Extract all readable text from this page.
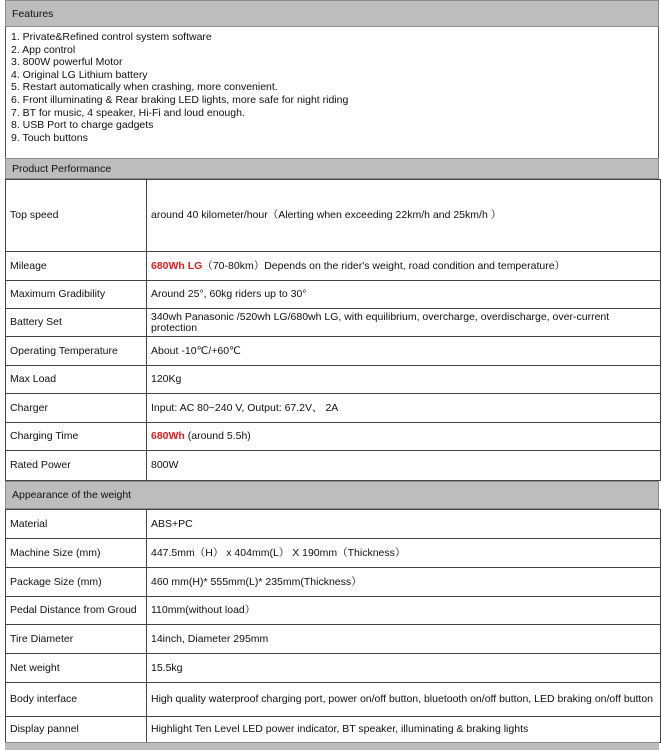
Features
1. Private&Refined control system software
2. App control
3. 800W powerful Motor
4. Original LG Lithium battery
5. Restart automatically when crashing, more convenient.
6. Front illuminating & Rear braking LED lights, more safe for night riding
7. BT for music, 4 speaker, Hi-Fi and loud enough.
8. USB Port to charge gadgets
9. Touch buttons
Product Performance
Top speed	around 40 kilometer/hour（Alerting when exceeding 22km/h and 25km/h ）
Mileage	680Wh LG（70-80km）Depends on the rider's weight, road condition and temperature）
Maximum Gradibility	Around 25°, 60kg riders up to 30°
Battery Set	340wh Panasonic /520wh LG/680wh LG, with equilibrium, overcharge, overdischarge, over-current protection
Operating Temperature	About -10℃/+60℃
Max Load	120Kg
Charger	Input: AC 80~240 V, Output: 67.2V、 2A
Charging Time	680Wh (around 5.5h)
Rated Power	800W
Appearance of the weight
Material	ABS+PC
Machine Size (mm)	447.5mm（H） x 404mm(L） X 190mm（Thickness）
Package Size (mm)	460 mm(H)* 555mm(L)* 235mm(Thickness）
Pedal Distance from Groud	110mm(without load）
Tire Diameter	14inch, Diameter 295mm
Net weight	15.5kg
Body interface	High quality waterproof charging port, power on/off button, bluetooth on/off button, LED braking on/off button
Display pannel	Highlight Ten Level LED power indicator, BT speaker, illuminating & braking lights
